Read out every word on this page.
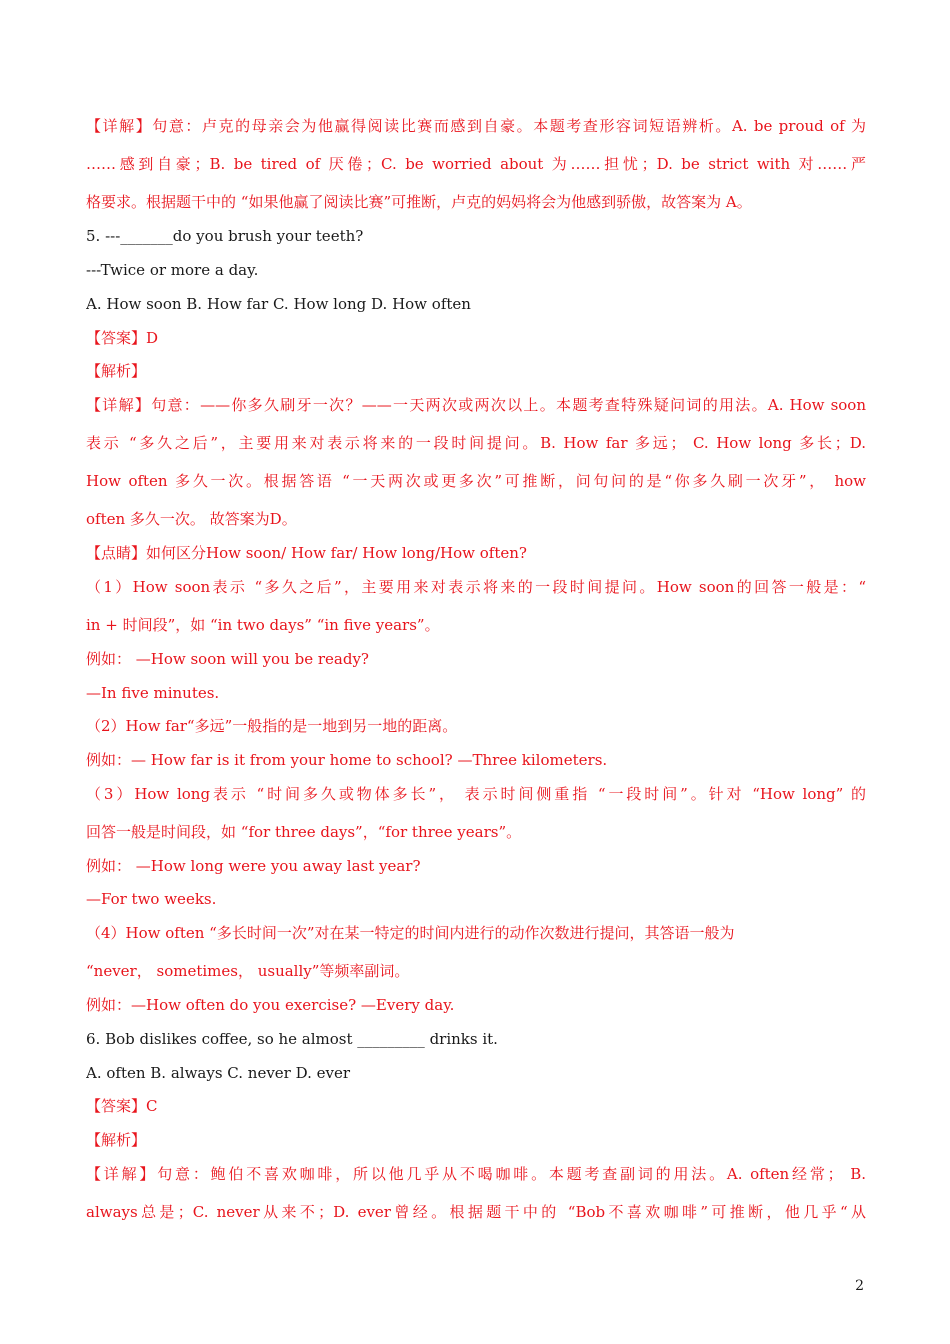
【详解】句意：卢克的母亲会为他赢得阅读比赛而感到自豪。本题考查形容词短语辨析。A. be proud of 为
……感到自豪；B. be tired of 厌倦；C. be worried about 为……担忧；D. be strict with 对……严
格要求。根据题干中的 “如果他赢了阅读比赛”可推断，卢克的妈妈将会为他感到骄傲，故答案为 A。
5. ---_______do you brush your teeth?
---Twice or more a day.
A. How soon B. How far C. How long D. How often
【答案】D
【解析】
【详解】句意：——你多久刷牙一次？——一天两次或两次以上。本题考查特殊疑问词的用法。A. How soon
表示 “多久之后”，主要用来对表示将来的一段时间提问。B. How far 多远； C. How long 多长；D.
How often 多久一次。根据答语 “一天两次或更多次”可推断，问句问的是“你多久刷一次牙”， how
often 多久一次。 故答案为D。
【点睛】如何区分How soon/ How far/ How long/How often?
（1）How soon表示 “多久之后”，主要用来对表示将来的一段时间提问。How soon的回答一般是：“
in + 时间段”，如 “in two days” “in five years”。
例如： —How soon will you be ready?
—In five minutes.
（2）How far“多远”一般指的是一地到另一地的距离。
例如：— How far is it from your home to school? —Three kilometers.
（3）How long表示 “时间多久或物体多长”， 表示时间侧重指 “一段时间”。针对 “How long” 的
回答一般是时间段，如 “for three days”，“for three years”。
例如： —How long were you away last year?
—For two weeks.
（4）How often “多长时间一次”对在某一特定的时间内进行的动作次数进行提问，其答语一般为
“never， sometimes， usually”等频率副词。
例如：—How often do you exercise? —Every day.
6. Bob dislikes coffee, so he almost _________ drinks it.
A. often B. always C. never D. ever
【答案】C
【解析】
【详解】句意：鲍伯不喜欢咖啡，所以他几乎从不喝咖啡。本题考查副词的用法。A. often经常； B.
always总是；C. never从来不；D. ever曾经。根据题干中的 “Bob不喜欢咖啡”可推断，他几乎“从
2
